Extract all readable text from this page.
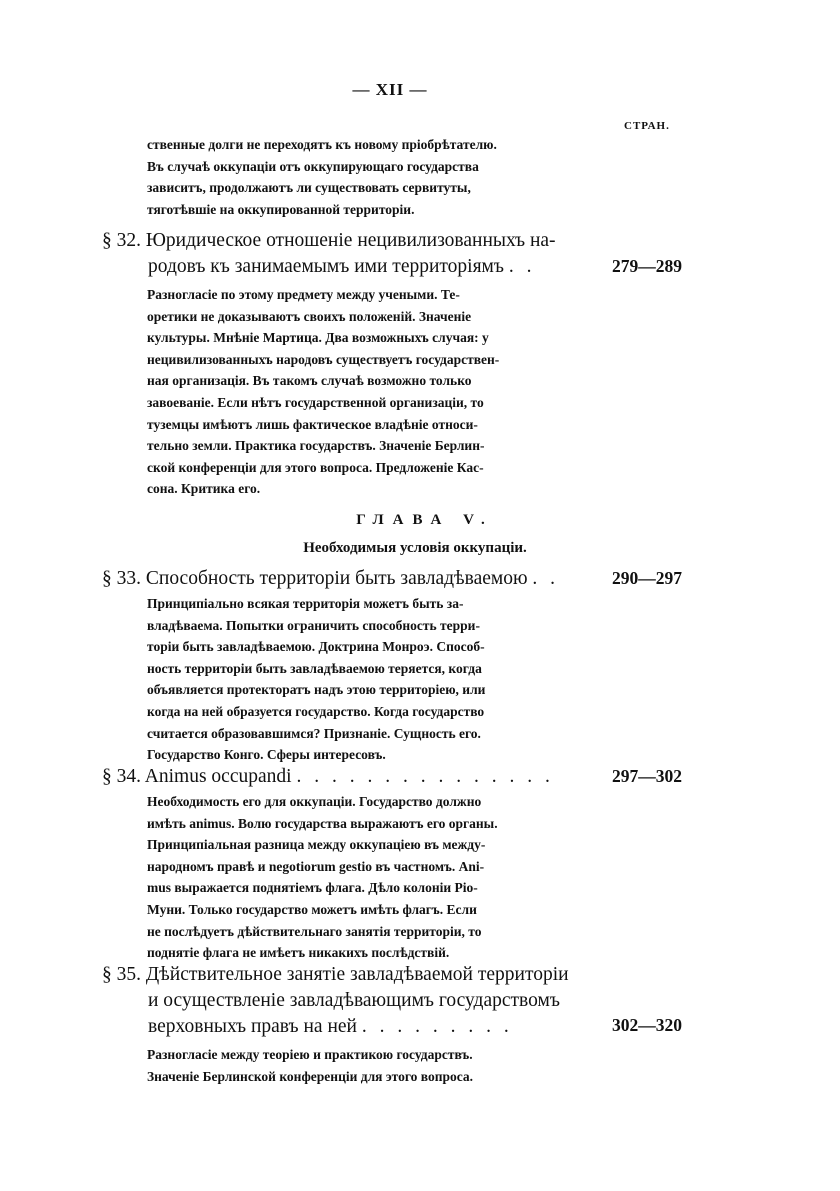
— XII —
СТРАН.
ственные долги не переходятъ къ новому пріобрѣтателю.
Въ случаѣ оккупаціи отъ оккупирующаго государства
зависитъ, продолжаютъ ли существовать сервитуты,
тяготѣвшіе на оккупированной территоріи.
§ 32. Юридическое отношеніе нецивилизованныхъ на-
родовъ къ занимаемымъ ими территоріямъ . .	279—289
Разногласіе по этому предмету между учеными. Те-
оретики не доказываютъ своихъ положеній. Значеніе
культуры. Мнѣніе Мартица. Два возможныхъ случая: у
нецивилизованныхъ народовъ существуетъ государствен-
ная организація. Въ такомъ случаѣ возможно только
завоеваніе. Если нѣтъ государственной организаціи, то
туземцы имѣютъ лишь фактическое владѣніе относи-
тельно земли. Практика государствъ. Значеніе Берлин-
ской конференціи для этого вопроса. Предложеніе Кас-
сона. Критика его.
ГЛАВА V.
Необходимыя условія оккупаціи.
§ 33. Способность территоріи быть завладѣваемою . .	290—297
Принципіально всякая территорія можетъ быть за-
владѣваема. Попытки ограничить способность терри-
торіи быть завладѣваемою. Доктрина Монроэ. Способ-
ность территоріи быть завладѣваемою теряется, когда
объявляется протекторатъ надъ этою территоріею, или
когда на ней образуется государство. Когда государство
считается образовавшимся? Признаніе. Сущность его.
Государство Конго. Сферы интересовъ.
§ 34. Animus occupandi . . . . . . . . . . . . . . .	297—302
Необходимость его для оккупаціи. Государство должно
имѣть animus. Волю государства выражаютъ его органы.
Принципіальная разница между оккупаціею въ между-
народномъ правѣ и negotiorum gestio въ частномъ. Ani-
mus выражается поднятіемъ флага. Дѣло колоніи Ріо-
Муни. Только государство можетъ имѣть флагъ. Если
не послѣдуетъ дѣйствительнаго занятія территоріи, то
поднятіе флага не имѣетъ никакихъ послѣдствій.
§ 35. Дѣйствительное занятіе завладѣваемой территоріи
и осуществленіе завладѣвающимъ государствомъ
верховныхъ правъ на ней . . . . . . . . .	302—320
Разногласіе между теоріею и практикою государствъ.
Значеніе Берлинской конференціи для этого вопроса.
